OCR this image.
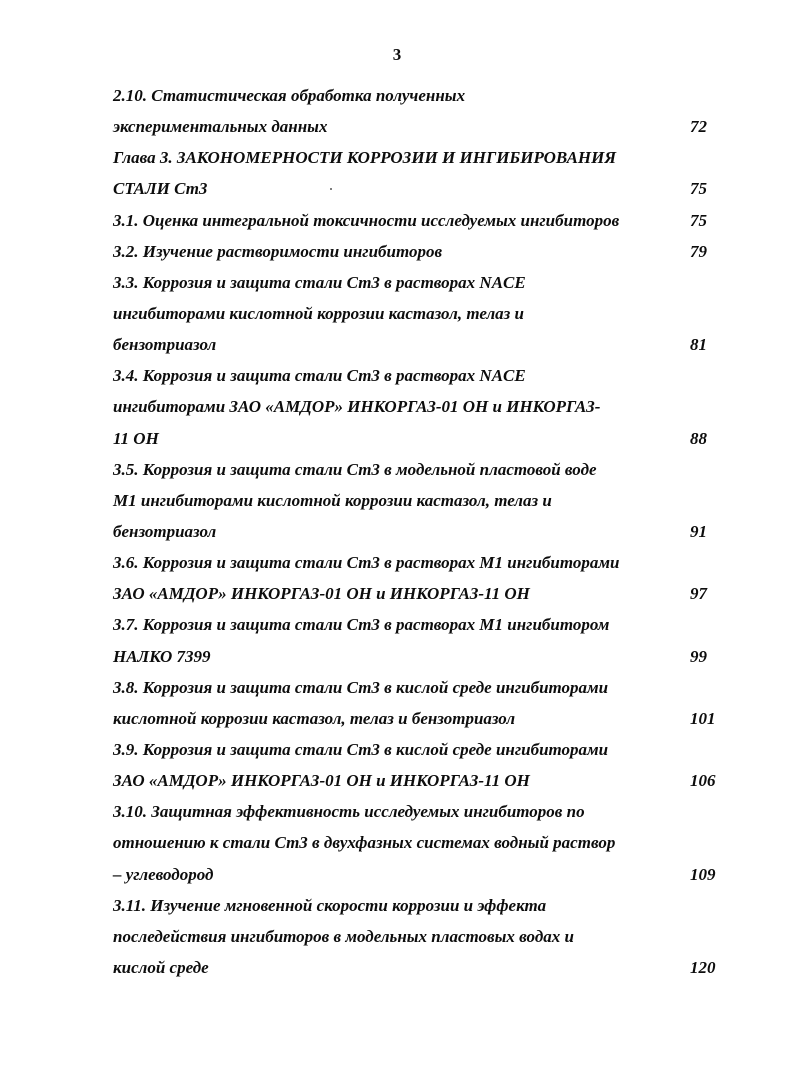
3
2.10. Статистическая обработка полученных
экспериментальных данных	72
Глава 3. ЗАКОНОМЕРНОСТИ КОРРОЗИИ И ИНГИБИРОВАНИЯ
СТАЛИ Ст3	75
3.1. Оценка интегральной токсичности исследуемых ингибиторов	75
3.2. Изучение растворимости ингибиторов	79
3.3. Коррозия и защита стали Ст3 в растворах NACE
ингибиторами кислотной коррозии кастазол, телаз и
бензотриазол	81
3.4. Коррозия и защита стали Ст3 в растворах NACE
ингибиторами ЗАО «АМДОР» ИНКОРГАЗ-01 ОН и ИНКОРГАЗ-
11 ОН	88
3.5. Коррозия и защита стали Ст3 в модельной пластовой воде
М1 ингибиторами кислотной коррозии кастазол, телаз и
бензотриазол	91
3.6. Коррозия и защита стали Ст3 в растворах М1 ингибиторами
ЗАО «АМДОР» ИНКОРГАЗ-01 ОН и ИНКОРГАЗ-11 ОН	97
3.7. Коррозия и защита стали Ст3 в растворах М1 ингибитором
НАЛКО 7399	99
3.8. Коррозия и защита стали Ст3 в кислой среде ингибиторами
кислотной коррозии кастазол, телаз и бензотриазол	101
3.9. Коррозия и защита стали Ст3 в кислой среде ингибиторами
ЗАО «АМДОР» ИНКОРГАЗ-01 ОН и ИНКОРГАЗ-11 ОН	106
3.10. Защитная эффективность исследуемых ингибиторов по
отношению к стали Ст3 в двухфазных системах водный раствор
– углеводород	109
3.11. Изучение мгновенной скорости коррозии и эффекта
последействия ингибиторов в модельных пластовых водах и
кислой среде	120
